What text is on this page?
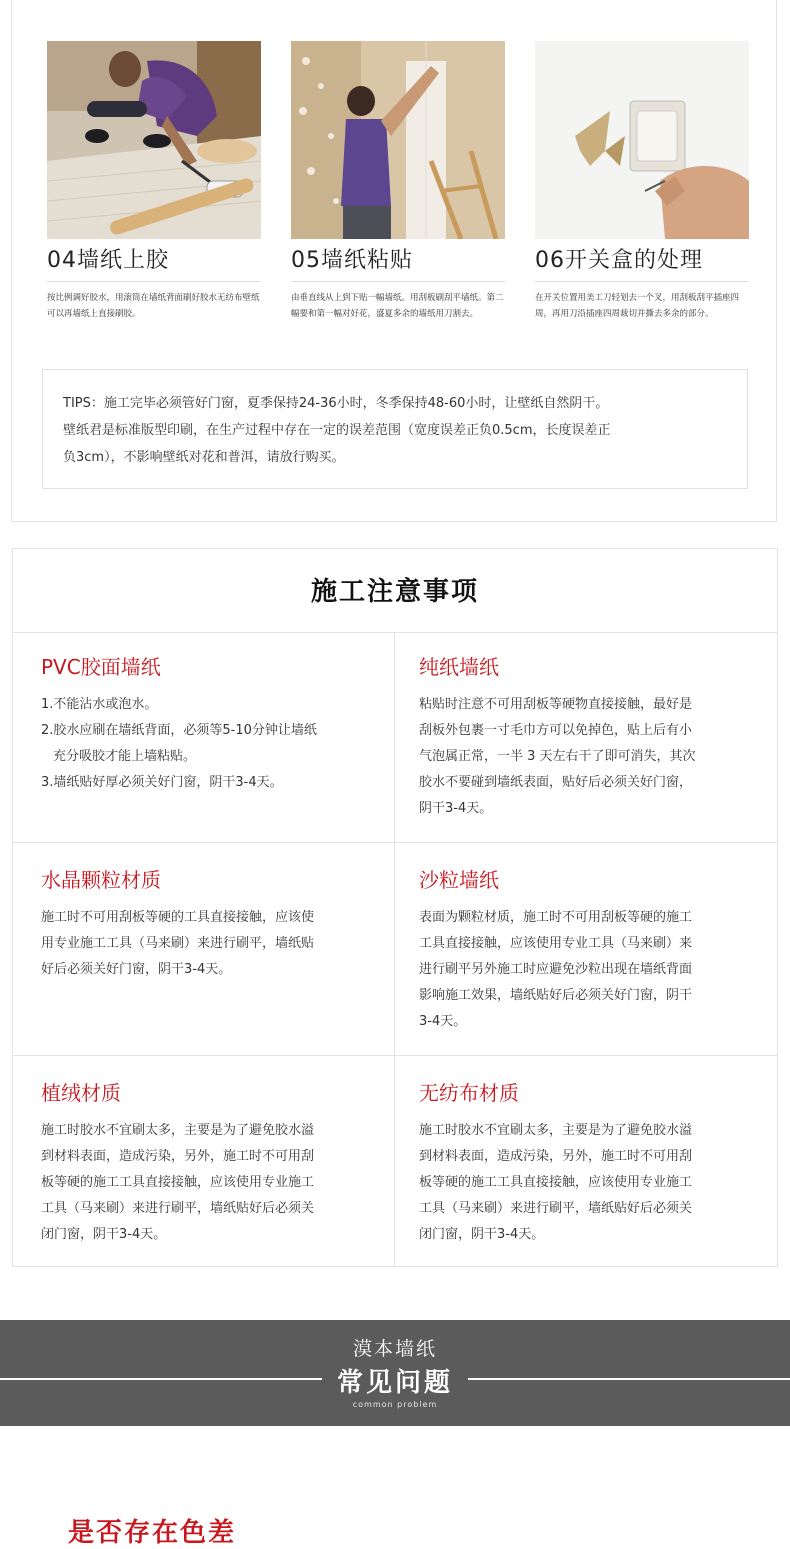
04墙纸上胶
按比例调好胶水，用滚筒在墙纸背面刷好胶水无纺布壁纸可以再墙纸上直接刷胶。
05墙纸粘贴
由垂直线从上到下贴一幅墙纸。用刮板刷刮平墙纸。第二幅要和第一幅对好花，盛夏多余的墙纸用刀割去。
06开关盒的处理
在开关位置用美工刀轻划去一个叉，用刮板刮平插座四周，再用刀沿插座四周裁切并撕去多余的部分。
TIPS：施工完毕必须管好门窗，夏季保持24-36小时，冬季保持48-60小时，让壁纸自然阴干。
壁纸君是标准版型印刷，在生产过程中存在一定的误差范围（宽度误差正负0.5cm，长度误差正
负3cm），不影响壁纸对花和普洱，请放行购买。
施工注意事项
PVC胶面墙纸
1.不能沾水或泡水。
2.胶水应刷在墙纸背面，必须等5-10分钟让墙纸
充分吸胶才能上墙粘贴。
3.墙纸贴好厚必须关好门窗，阴干3-4天。
纯纸墙纸
粘贴时注意不可用刮板等硬物直接接触，最好是
刮板外包裹一寸毛巾方可以免掉色，贴上后有小
气泡属正常，一半 3 天左右干了即可消失，其次
胶水不要碰到墙纸表面，贴好后必须关好门窗，
阴干3-4天。
水晶颗粒材质
施工时不可用刮板等硬的工具直接接触，应该使
用专业施工工具（马来刷）来进行刷平，墙纸贴
好后必须关好门窗，阴干3-4天。
沙粒墙纸
表面为颗粒材质，施工时不可用刮板等硬的施工
工具直接接触，应该使用专业工具（马来刷）来
进行刷平另外施工时应避免沙粒出现在墙纸背面
影响施工效果，墙纸贴好后必须关好门窗，阴干
3-4天。
植绒材质
施工时胶水不宜刷太多，主要是为了避免胶水溢
到材料表面，造成污染，另外，施工时不可用刮
板等硬的施工工具直接接触，应该使用专业施工
工具（马来刷）来进行刷平，墙纸贴好后必须关
闭门窗，阴干3-4天。
无纺布材质
施工时胶水不宜刷太多，主要是为了避免胶水溢
到材料表面，造成污染，另外，施工时不可用刮
板等硬的施工工具直接接触，应该使用专业施工
工具（马来刷）来进行刷平，墙纸贴好后必须关
闭门窗，阴干3-4天。
漠本墙纸
常见问题
common problem
是否存在色差
